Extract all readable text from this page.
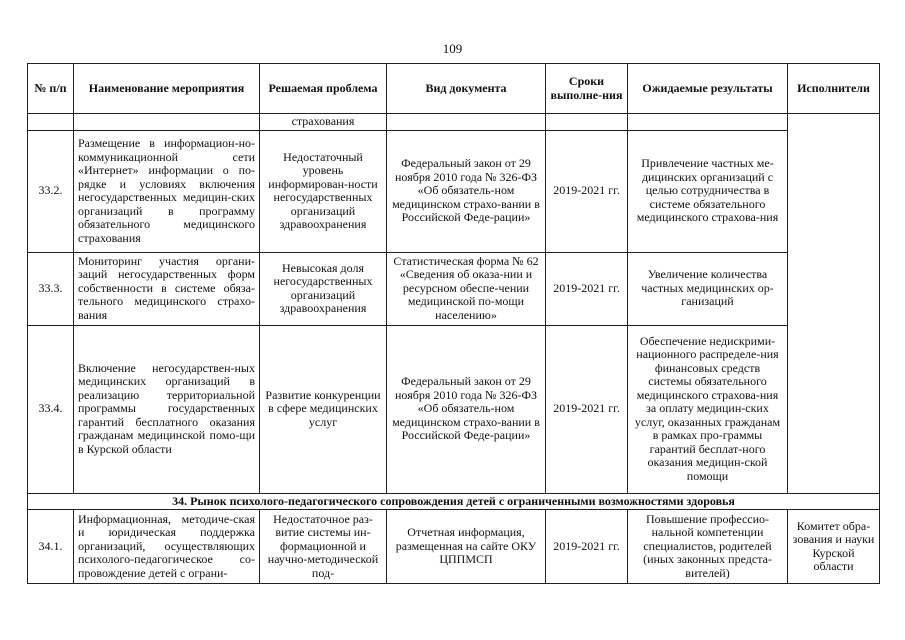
109
№ п/п	Наименование мероприятия	Решаемая проблема	Вид документа	Сроки выполне-ния	Ожидаемые результаты	Исполнители
		страхования				
33.2.	Размещение в информацион-но-коммуникационной сети «Интернет» информации о по-рядке и условиях включения негосударственных медицин-ских организаций в программу обязательного медицинского страхования	Недостаточный уровень информирован-ности негосударственных организаций здравоохранения	Федеральный закон от 29 ноября 2010 года № 326-ФЗ «Об обязатель-ном медицинском страхо-вании в Российской Феде-рации»	2019-2021 гг.	Привлечение частных ме-дицинских организаций с целью сотрудничества в системе обязательного медицинского страхова-ния	
33.3.	Мониторинг участия органи-заций негосударственных форм собственности в системе обяза-тельного медицинского страхо-вания	Невысокая доля негосударственных организаций здравоохранения	Статистическая форма № 62 «Сведения об оказа-нии и ресурсном обеспе-чении медицинской по-мощи населению»	2019-2021 гг.	Увеличение количества частных медицинских ор-ганизаций	
33.4.	Включение негосударствен-ных медицинских организаций в реализацию территориальной программы государственных гарантий бесплатного оказания гражданам медицинской помо-щи в Курской области	Развитие конкуренции в сфере медицинских услуг	Федеральный закон от 29 ноября 2010 года № 326-ФЗ «Об обязатель-ном медицинском страхо-вании в Российской Феде-рации»	2019-2021 гг.	Обеспечение недискрими-национного распределе-ния финансовых средств системы обязательного медицинского страхова-ния за оплату медицин-ских услуг, оказанных гражданам в рамках про-граммы гарантий бесплат-ного оказания медицин-ской помощи	
34. Рынок психолого-педагогического сопровождения детей с ограниченными возможностями здоровья						
34.1.	Информационная, методиче-ская и юридическая поддержка организаций, осуществляющих психолого-педагогическое со-провождение детей с ограни-	Недостаточное раз-витие системы ин-формационной и научно-методической под-	Отчетная информация, размещенная на сайте ОКУ ЦППМСП	2019-2021 гг.	Повышение профессио-нальной компетенции специалистов, родителей (иных законных предста-вителей)	Комитет обра-зования и науки Курской области
